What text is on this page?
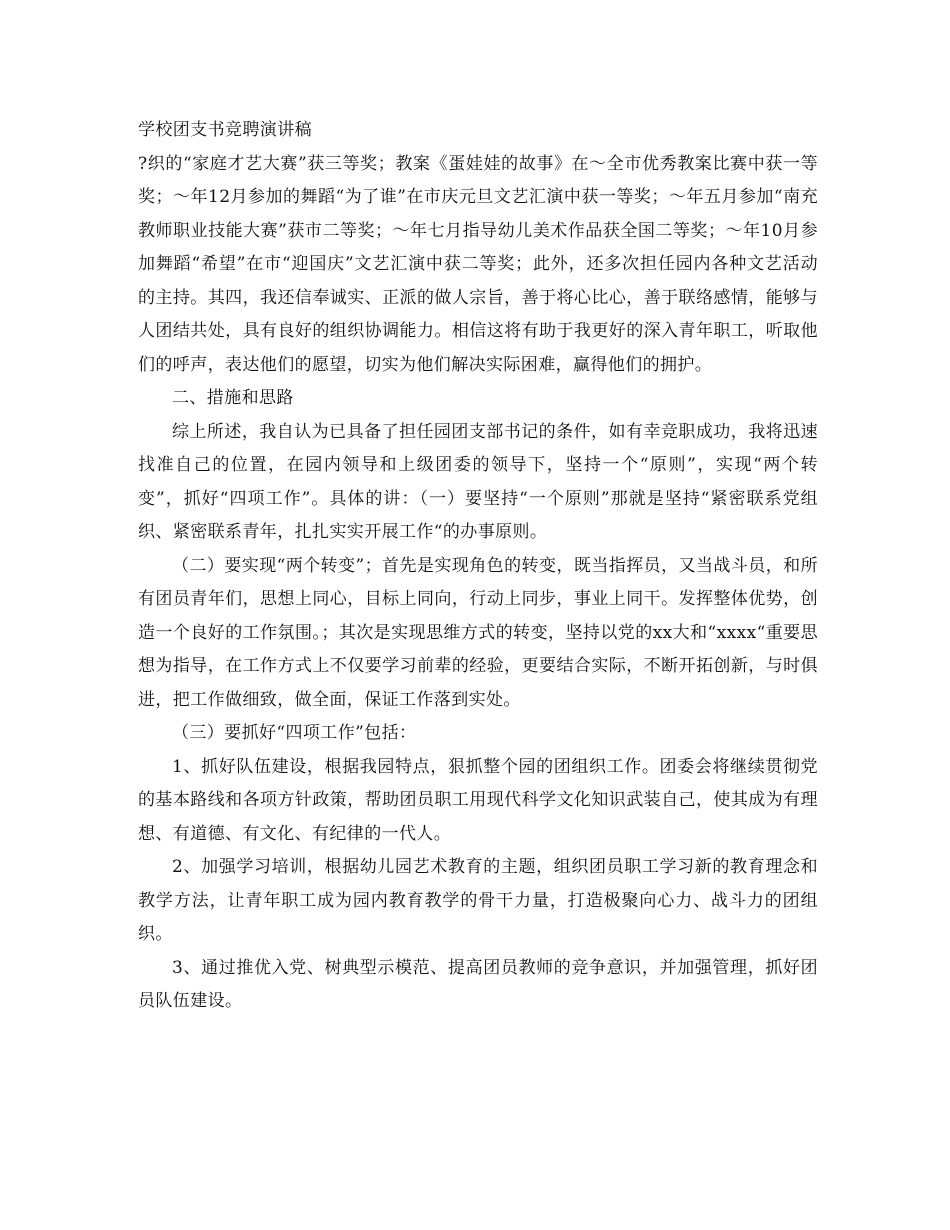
学校团支书竞聘演讲稿

?织的“家庭才艺大赛”获三等奖；教案《蛋娃娃的故事》在～全市优秀教案比赛中获一等奖；～年12月参加的舞蹈“为了谁”在市庆元旦文艺汇演中获一等奖；～年五月参加“南充教师职业技能大赛”获市二等奖；～年七月指导幼儿美术作品获全国二等奖；～年10月参加舞蹈“希望”在市“迎国庆”文艺汇演中获二等奖；此外，还多次担任园内各种文艺活动的主持。其四，我还信奉诚实、正派的做人宗旨，善于将心比心，善于联络感情，能够与人团结共处，具有良好的组织协调能力。相信这将有助于我更好的深入青年职工，听取他们的呼声，表达他们的愿望，切实为他们解决实际困难，赢得他们的拥护。

二、措施和思路

综上所述，我自认为已具备了担任园团支部书记的条件，如有幸竞职成功，我将迅速找准自己的位置，在园内领导和上级团委的领导下，坚持一个“原则”，实现“两个转变”，抓好“四项工作”。具体的讲：（一）要坚持“一个原则”那就是坚持“紧密联系党组织、紧密联系青年，扎扎实实开展工作“的办事原则。

（二）要实现“两个转变”；首先是实现角色的转变，既当指挥员，又当战斗员，和所有团员青年们，思想上同心，目标上同向，行动上同步，事业上同干。发挥整体优势，创造一个良好的工作氛围。；其次是实现思维方式的转变，坚持以党的xx大和“xxxx“重要思想为指导，在工作方式上不仅要学习前辈的经验，更要结合实际，不断开拓创新，与时俱进，把工作做细致，做全面，保证工作落到实处。

（三）要抓好“四项工作”包括：

1、抓好队伍建设，根据我园特点，狠抓整个园的团组织工作。团委会将继续贯彻党的基本路线和各项方针政策，帮助团员职工用现代科学文化知识武装自己，使其成为有理想、有道德、有文化、有纪律的一代人。

2、加强学习培训，根据幼儿园艺术教育的主题，组织团员职工学习新的教育理念和教学方法，让青年职工成为园内教育教学的骨干力量，打造极聚向心力、战斗力的团组织。

3、通过推优入党、树典型示模范、提高团员教师的竞争意识，并加强管理，抓好团员队伍建设。
